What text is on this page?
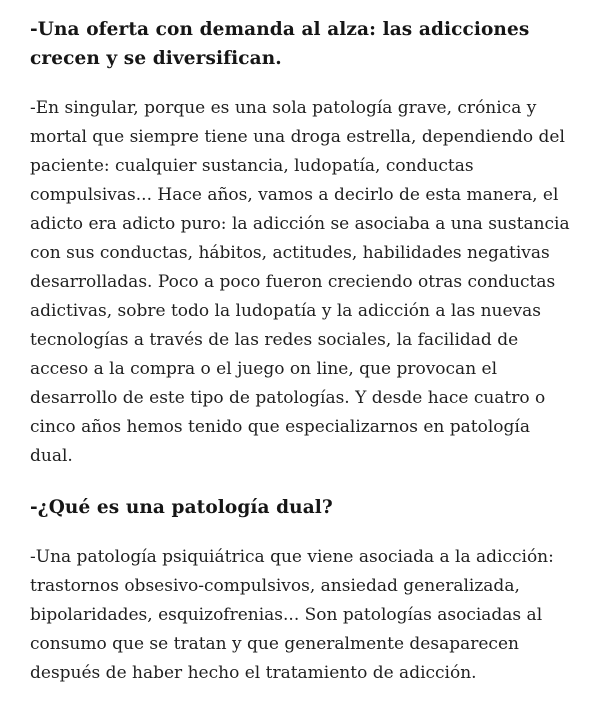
-Una oferta con demanda al alza: las adicciones crecen y se diversifican.

-En singular, porque es una sola patología grave, crónica y mortal que siempre tiene una droga estrella, dependiendo del paciente: cualquier sustancia, ludopatía, conductas compulsivas... Hace años, vamos a decirlo de esta manera, el adicto era adicto puro: la adicción se asociaba a una sustancia con sus conductas, hábitos, actitudes, habilidades negativas desarrolladas. Poco a poco fueron creciendo otras conductas adictivas, sobre todo la ludopatía y la adicción a las nuevas tecnologías a través de las redes sociales, la facilidad de acceso a la compra o el juego on line, que provocan el desarrollo de este tipo de patologías. Y desde hace cuatro o cinco años hemos tenido que especializarnos en patología dual.

-¿Qué es una patología dual?

-Una patología psiquiátrica que viene asociada a la adicción: trastornos obsesivo-compulsivos, ansiedad generalizada, bipolaridades, esquizofrenias... Son patologías asociadas al consumo que se tratan y que generalmente desaparecen después de haber hecho el tratamiento de adicción.
